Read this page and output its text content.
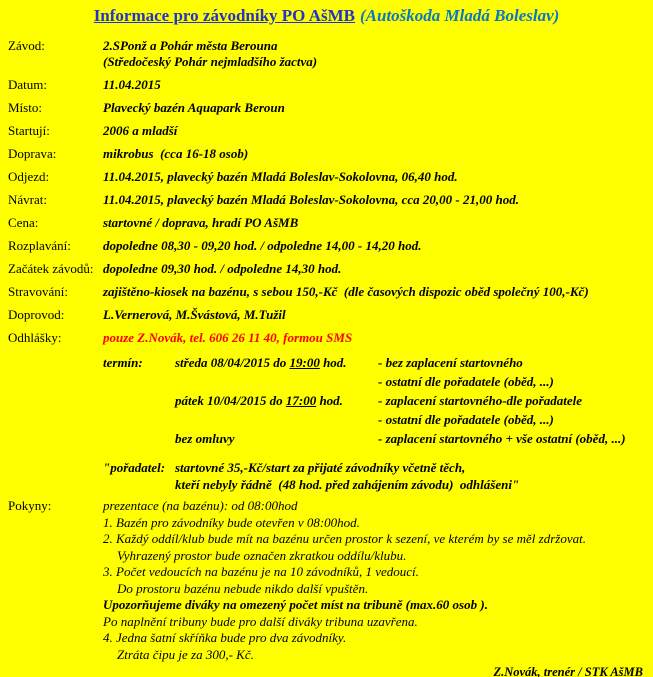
Informace pro závodníky PO AšMB (Autoškoda Mladá Boleslav)
Závod:	2.SPonž a Pohár města Berouna
(Středočeský Pohár nejmladšího žactva)
Datum:	11.04.2015
Místo:	Plavecký bazén Aquapark Beroun
Startují:	2006 a mladší
Doprava:	mikrobus  (cca 16-18 osob)
Odjezd:	11.04.2015, plavecký bazén Mladá Boleslav-Sokolovna, 06,40 hod.
Návrat:	11.04.2015, plavecký bazén Mladá Boleslav-Sokolovna, cca 20,00 - 21,00 hod.
Cena:	startovné / doprava, hradí PO AšMB
Rozplavání:	dopoledne 08,30 - 09,20 hod. / odpoledne 14,00 - 14,20 hod.
Začátek závodů: dopoledne 09,30 hod. / odpoledne 14,30 hod.
Stravování:	zajištěno-kiosek na bazénu, s sebou 150,-Kč  (dle časových dispozic oběd společný 100,-Kč)
Doprovod:	L.Vernerová, M.Švástová, M.Tužil
Odhlášky:	pouze Z.Novák, tel. 606 26 11 40, formou SMS
termín:	středa 08/04/2015 do 19:00 hod.	- bez zaplacení startovného
- ostatní dle pořadatele (oběd, ...)
pátek 10/04/2015 do 17:00 hod.	- zaplacení startovného-dle pořadatele
- ostatní dle pořadatele (oběd, ...)
bez omluvy	- zaplacení startovného + vše ostatní (oběd, ...)
"pořadatel: startovné 35,-Kč/start za přijaté závodníky včetně těch,
kteří nebyly řádně  (48 hod. před zahájením závodu)  odhlášeni"
Pokyny:	prezentace (na bazénu): od 08:00hod
1. Bazén pro závodníky bude otevřen v 08:00hod.
2. Každý oddíl/klub bude mít na bazénu určen prostor k sezení, ve kterém by se měl zdržovat.
Vyhrazený prostor bude označen zkratkou oddílu/klubu.
3. Počet vedoucích na bazénu je na 10 závodníků, 1 vedoucí.
Do prostoru bazénu nebude nikdo další vpuštěn.
Upozorňujeme diváky na omezený počet míst na tribuně (max.60 osob ).
Po naplnění tribuny bude pro další diváky tribuna uzavřena.
4. Jedna šatní skříňka bude pro dva závodníky.
Ztráta čipu je za 300,- Kč.
Z.Novák, trenér / STK AšMB
